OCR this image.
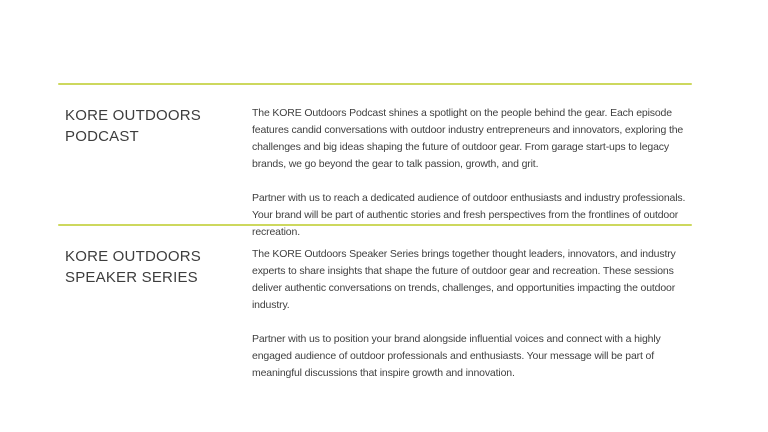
KORE OUTDOORS PODCAST

The KORE Outdoors Podcast shines a spotlight on the people behind the gear. Each episode features candid conversations with outdoor industry entrepreneurs and innovators, exploring the challenges and big ideas shaping the future of outdoor gear. From garage start-ups to legacy brands, we go beyond the gear to talk passion, growth, and grit.

Partner with us to reach a dedicated audience of outdoor enthusiasts and industry professionals. Your brand will be part of authentic stories and fresh perspectives from the frontlines of outdoor recreation.

KORE OUTDOORS SPEAKER SERIES

The KORE Outdoors Speaker Series brings together thought leaders, innovators, and industry experts to share insights that shape the future of outdoor gear and recreation. These sessions deliver authentic conversations on trends, challenges, and opportunities impacting the outdoor industry.

Partner with us to position your brand alongside influential voices and connect with a highly engaged audience of outdoor professionals and enthusiasts. Your message will be part of meaningful discussions that inspire growth and innovation.
